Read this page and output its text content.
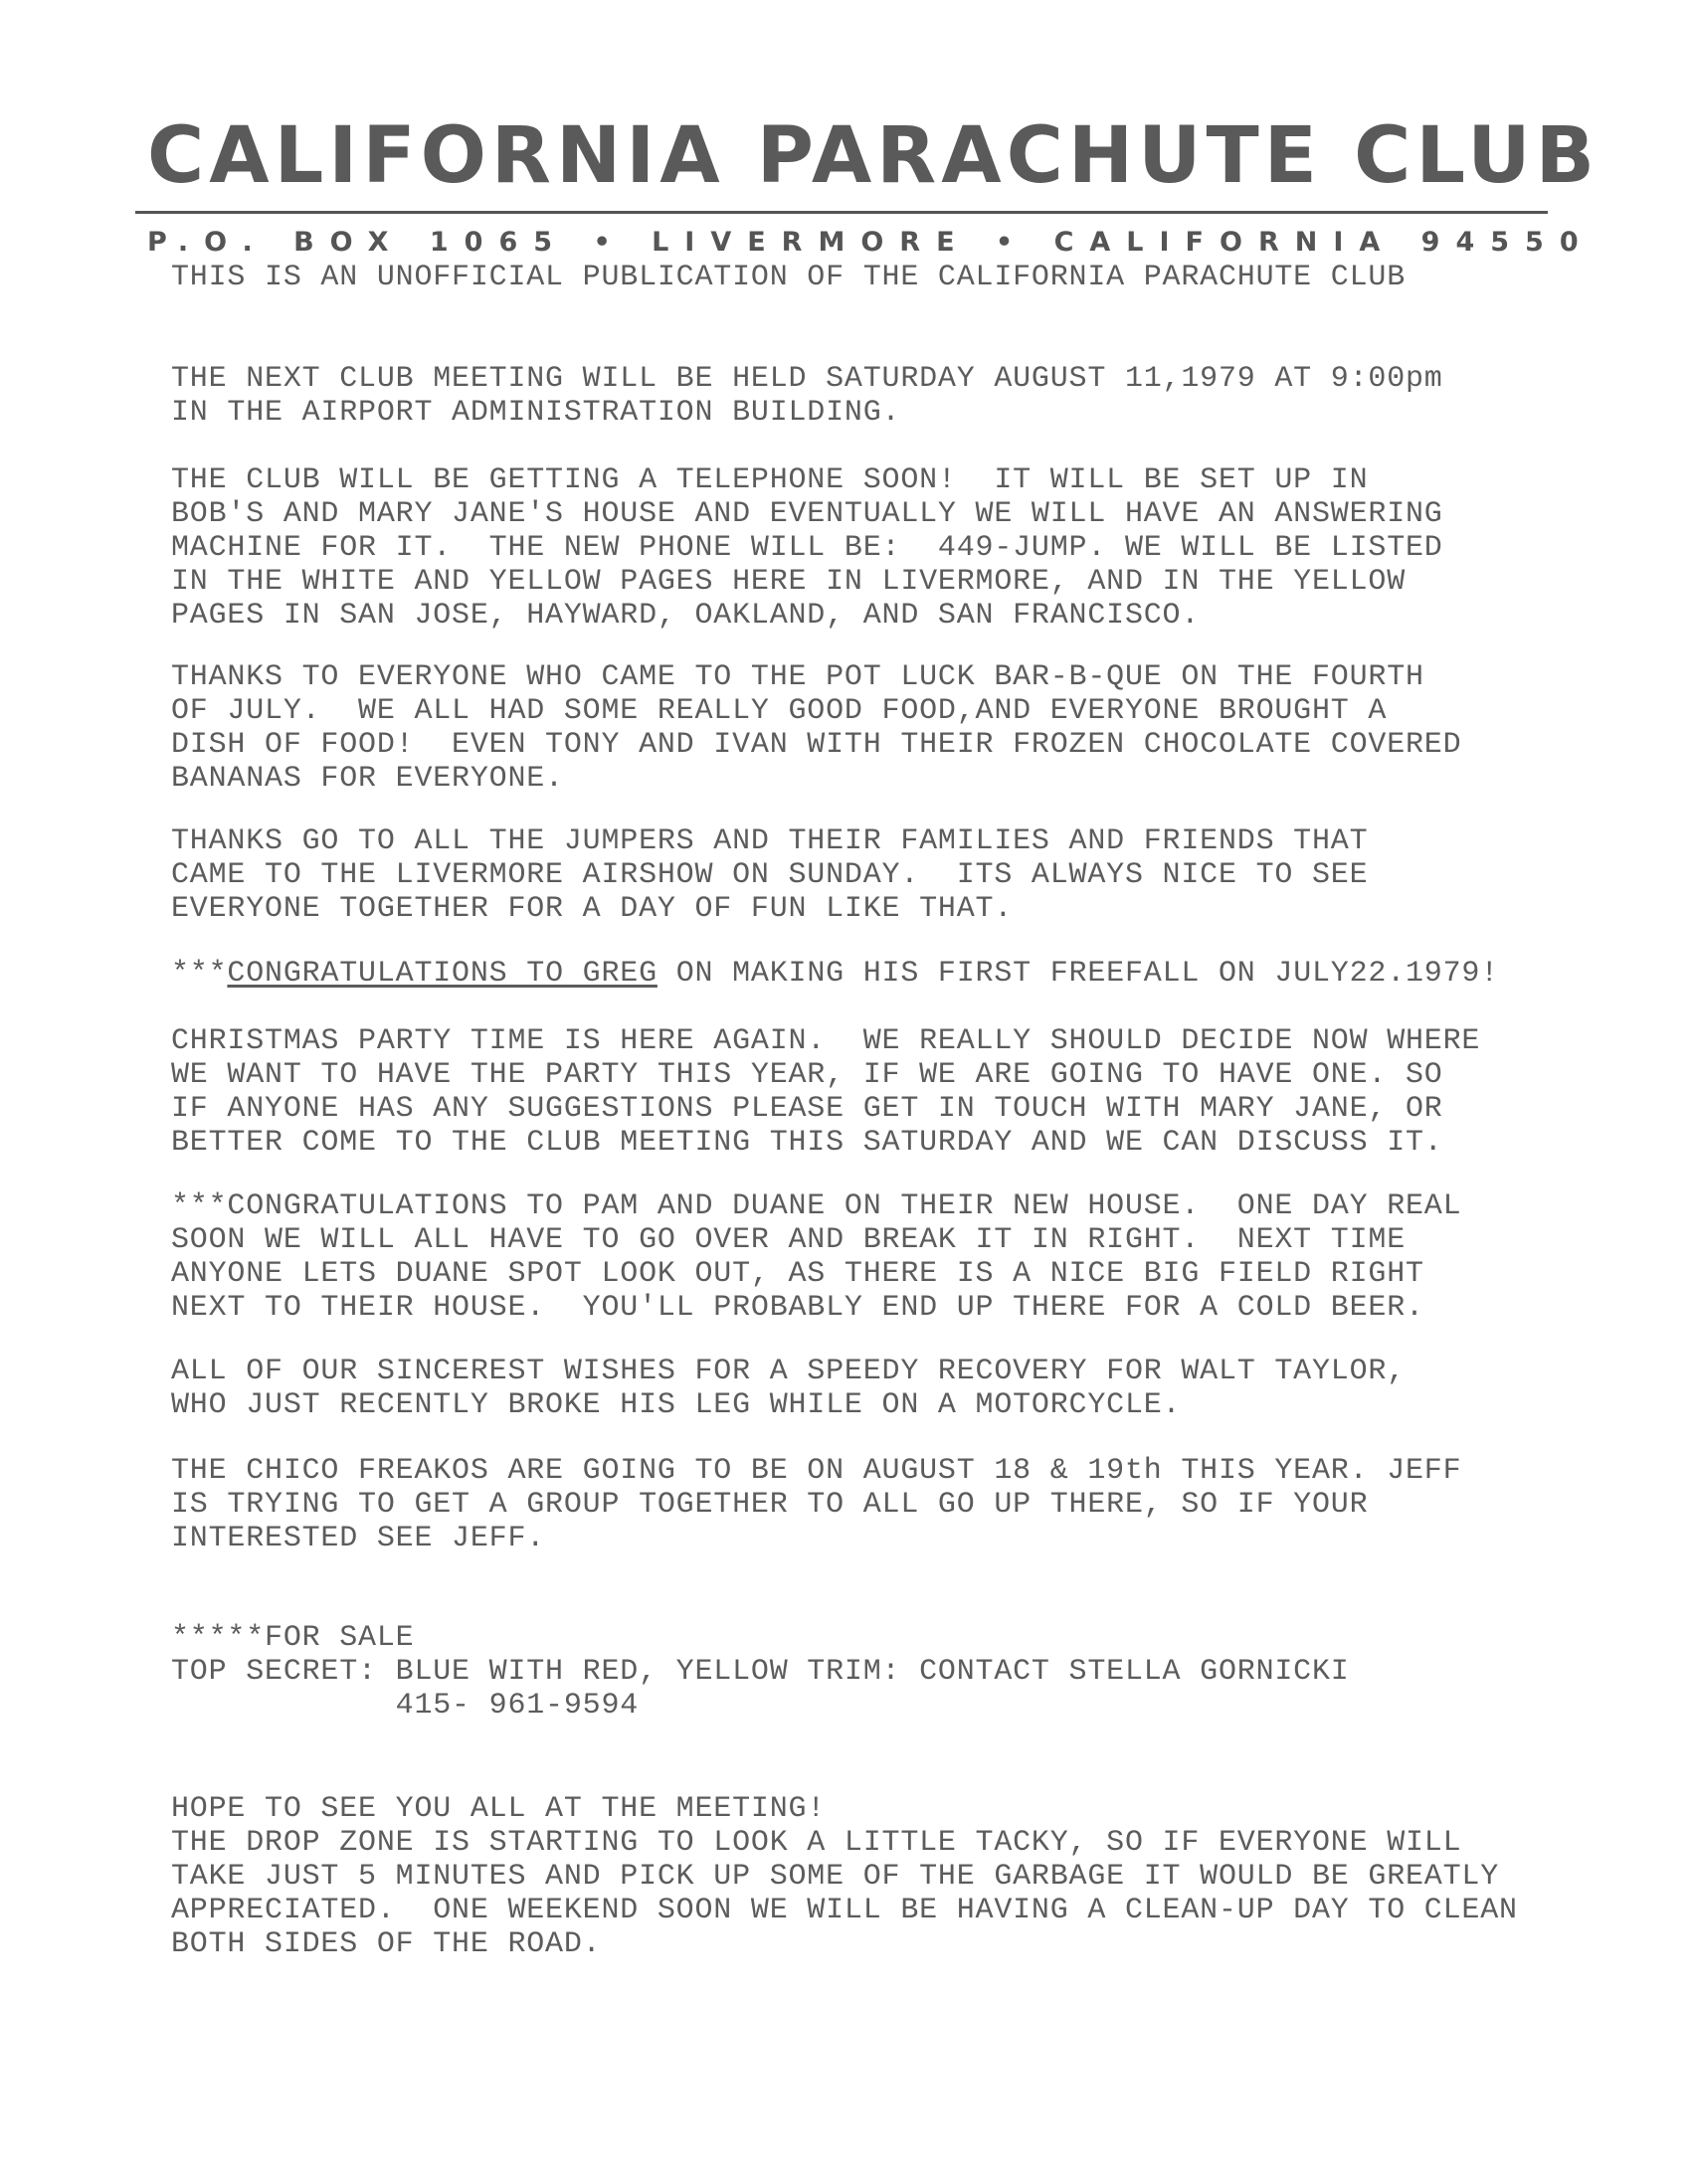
CALIFORNIA PARACHUTE CLUB
P.O. BOX 1065 • LIVERMORE • CALIFORNIA 94550
THIS IS AN UNOFFICIAL PUBLICATION OF THE CALIFORNIA PARACHUTE CLUB
THE NEXT CLUB MEETING WILL BE HELD SATURDAY AUGUST 11,1979 AT 9:00pm
IN THE AIRPORT ADMINISTRATION BUILDING.
THE CLUB WILL BE GETTING A TELEPHONE SOON!  IT WILL BE SET UP IN
BOB'S AND MARY JANE'S HOUSE AND EVENTUALLY WE WILL HAVE AN ANSWERING
MACHINE FOR IT.  THE NEW PHONE WILL BE:  449-JUMP. WE WILL BE LISTED
IN THE WHITE AND YELLOW PAGES HERE IN LIVERMORE, AND IN THE YELLOW
PAGES IN SAN JOSE, HAYWARD, OAKLAND, AND SAN FRANCISCO.
THANKS TO EVERYONE WHO CAME TO THE POT LUCK BAR-B-QUE ON THE FOURTH
OF JULY.  WE ALL HAD SOME REALLY GOOD FOOD,AND EVERYONE BROUGHT A
DISH OF FOOD!  EVEN TONY AND IVAN WITH THEIR FROZEN CHOCOLATE COVERED
BANANAS FOR EVERYONE.
THANKS GO TO ALL THE JUMPERS AND THEIR FAMILIES AND FRIENDS THAT
CAME TO THE LIVERMORE AIRSHOW ON SUNDAY.  ITS ALWAYS NICE TO SEE
EVERYONE TOGETHER FOR A DAY OF FUN LIKE THAT.
***CONGRATULATIONS TO GREG ON MAKING HIS FIRST FREEFALL ON JULY22.1979!
CHRISTMAS PARTY TIME IS HERE AGAIN.  WE REALLY SHOULD DECIDE NOW WHERE
WE WANT TO HAVE THE PARTY THIS YEAR, IF WE ARE GOING TO HAVE ONE. SO
IF ANYONE HAS ANY SUGGESTIONS PLEASE GET IN TOUCH WITH MARY JANE, OR
BETTER COME TO THE CLUB MEETING THIS SATURDAY AND WE CAN DISCUSS IT.
***CONGRATULATIONS TO PAM AND DUANE ON THEIR NEW HOUSE.  ONE DAY REAL
SOON WE WILL ALL HAVE TO GO OVER AND BREAK IT IN RIGHT.  NEXT TIME
ANYONE LETS DUANE SPOT LOOK OUT, AS THERE IS A NICE BIG FIELD RIGHT
NEXT TO THEIR HOUSE.  YOU'LL PROBABLY END UP THERE FOR A COLD BEER.
ALL OF OUR SINCEREST WISHES FOR A SPEEDY RECOVERY FOR WALT TAYLOR,
WHO JUST RECENTLY BROKE HIS LEG WHILE ON A MOTORCYCLE.
THE CHICO FREAKOS ARE GOING TO BE ON AUGUST 18 & 19th THIS YEAR. JEFF
IS TRYING TO GET A GROUP TOGETHER TO ALL GO UP THERE, SO IF YOUR
INTERESTED SEE JEFF.
*****FOR SALE
TOP SECRET: BLUE WITH RED, YELLOW TRIM: CONTACT STELLA GORNICKI
415- 961-9594
HOPE TO SEE YOU ALL AT THE MEETING!
THE DROP ZONE IS STARTING TO LOOK A LITTLE TACKY, SO IF EVERYONE WILL
TAKE JUST 5 MINUTES AND PICK UP SOME OF THE GARBAGE IT WOULD BE GREATLY
APPRECIATED.  ONE WEEKEND SOON WE WILL BE HAVING A CLEAN-UP DAY TO CLEAN
BOTH SIDES OF THE ROAD.
